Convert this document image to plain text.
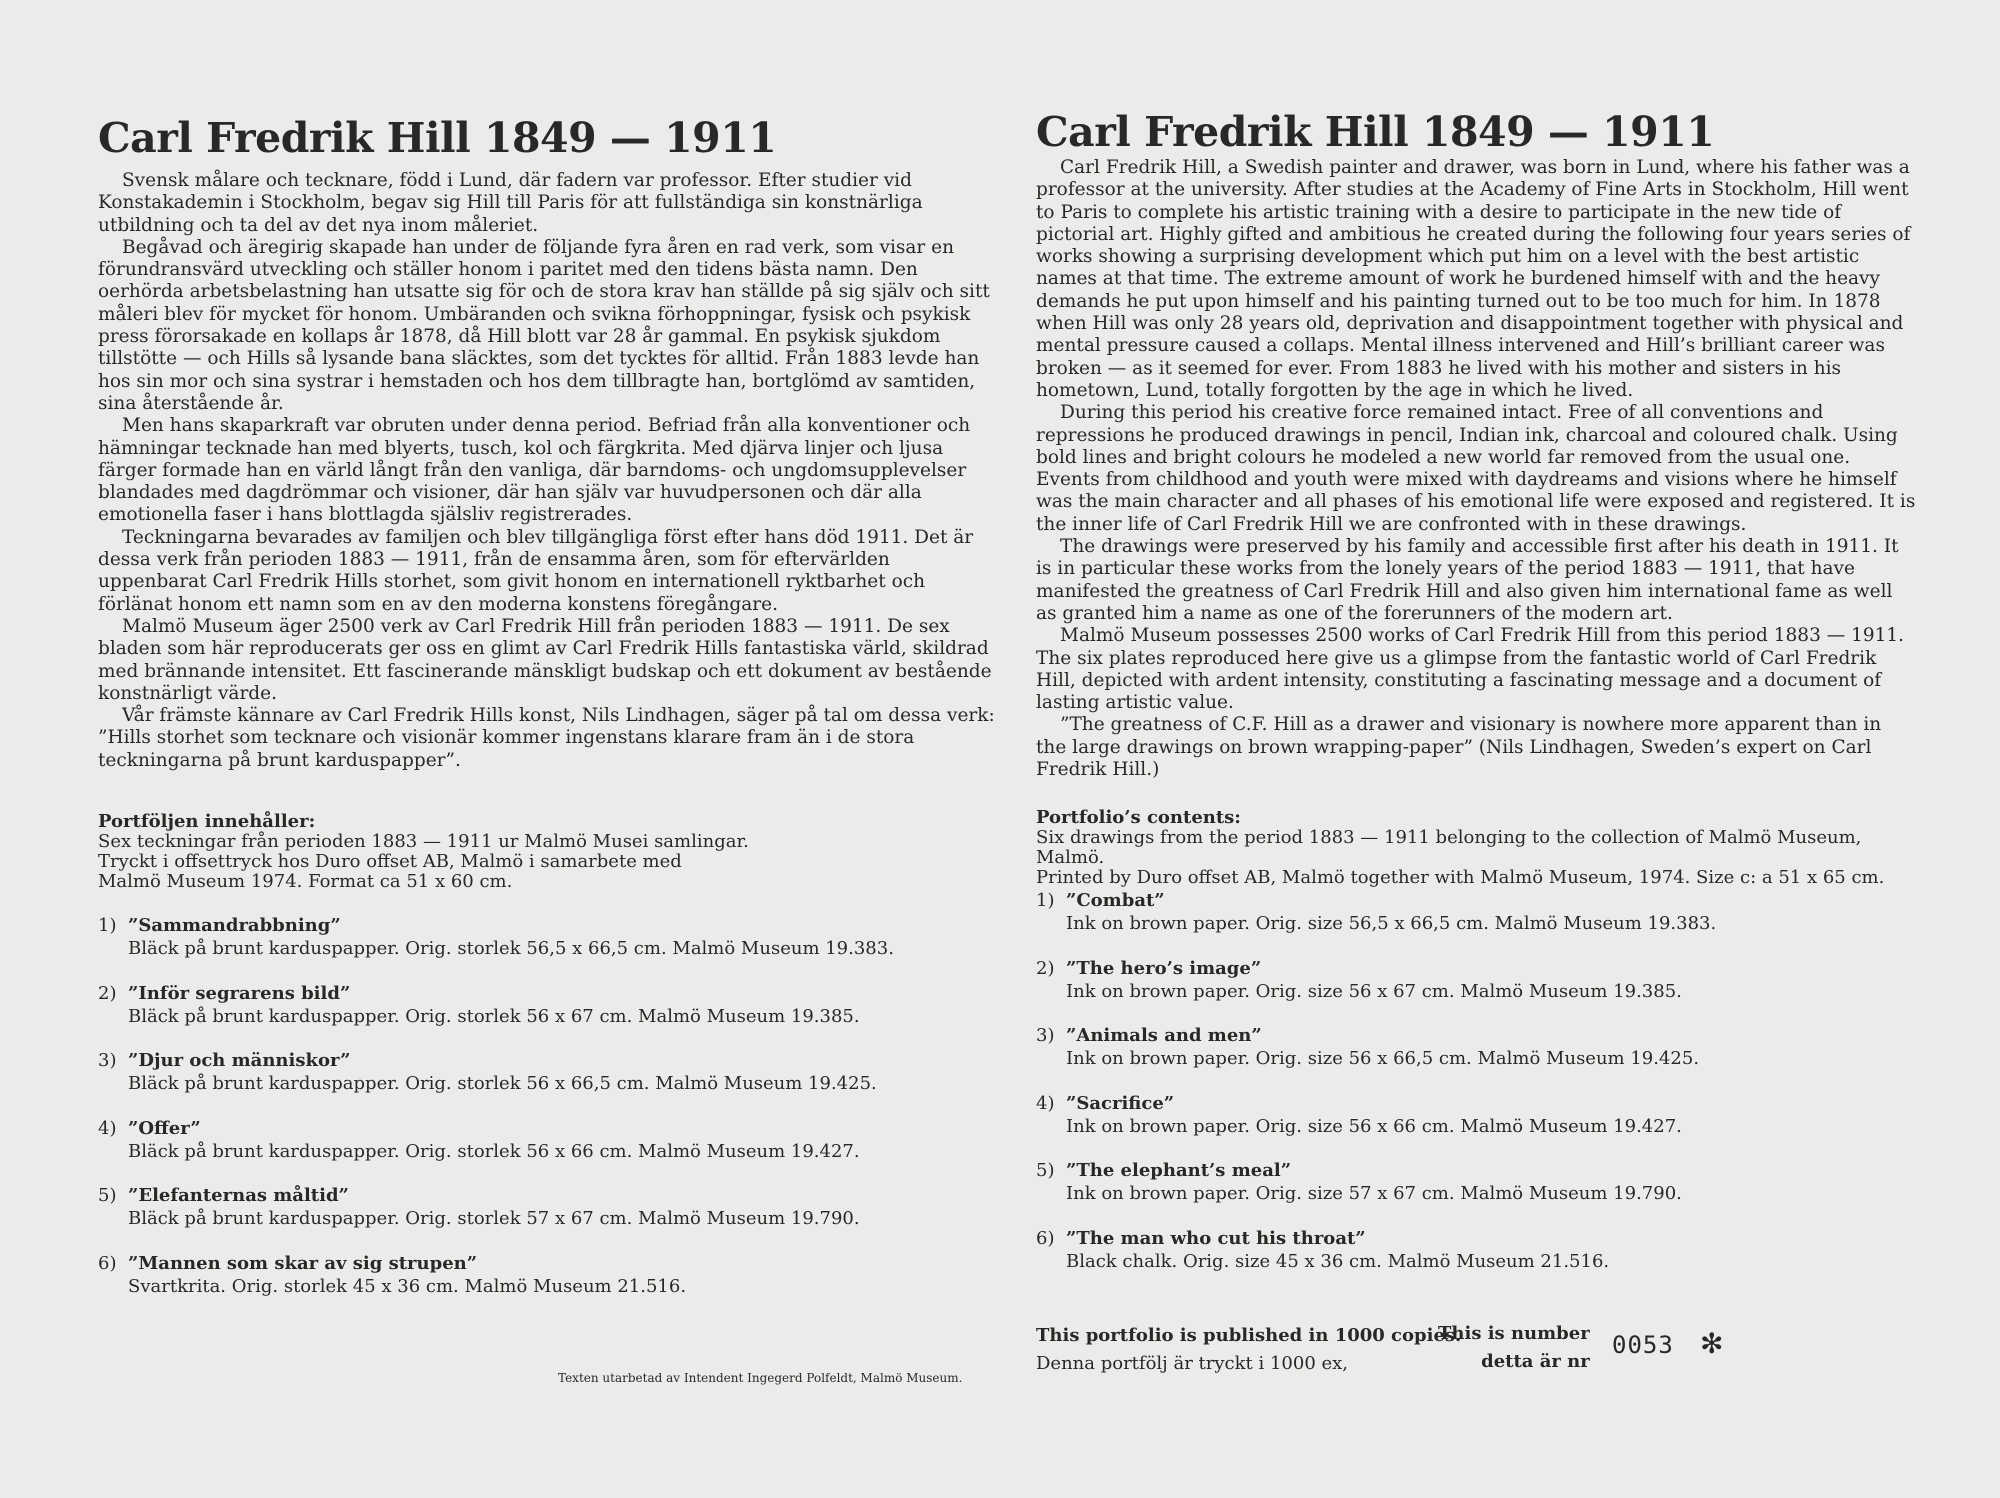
Carl Fredrik Hill 1849 — 1911

Svensk målare och tecknare, född i Lund, där fadern var professor. Efter studier vid Konstakademin i Stockholm, begav sig Hill till Paris för att fullständiga sin konstnärliga utbildning och ta del av det nya inom måleriet.

Begåvad och äregirig skapade han under de följande fyra åren en rad verk, som visar en förundransvärd utveckling och ställer honom i paritet med den tidens bästa namn. Den oerhörda arbetsbelastning han utsatte sig för och de stora krav han ställde på sig själv och sitt måleri blev för mycket för honom. Umbäranden och svikna förhoppningar, fysisk och psykisk press förorsakade en kollaps år 1878, då Hill blott var 28 år gammal. En psykisk sjukdom tillstötte — och Hills så lysande bana släcktes, som det tycktes för alltid. Från 1883 levde han hos sin mor och sina systrar i hemstaden och hos dem tillbragte han, bortglömd av samtiden, sina återstående år.

Men hans skaparkraft var obruten under denna period. Befriad från alla konventioner och hämningar tecknade han med blyerts, tusch, kol och färgkrita. Med djärva linjer och ljusa färger formade han en värld långt från den vanliga, där barndoms- och ungdomsupplevelser blandades med dagdrömmar och visioner, där han själv var huvudpersonen och där alla emotionella faser i hans blottlagda själsliv registrerades.

Teckningarna bevarades av familjen och blev tillgängliga först efter hans död 1911. Det är dessa verk från perioden 1883 — 1911, från de ensamma åren, som för eftervärlden uppenbarat Carl Fredrik Hills storhet, som givit honom en internationell ryktbarhet och förlänat honom ett namn som en av den moderna konstens föregångare.

Malmö Museum äger 2500 verk av Carl Fredrik Hill från perioden 1883 — 1911. De sex bladen som här reproducerats ger oss en glimt av Carl Fredrik Hills fantastiska värld, skildrad med brännande intensitet. Ett fascinerande mänskligt budskap och ett dokument av bestående konstnärligt värde.

Vår främste kännare av Carl Fredrik Hills konst, Nils Lindhagen, säger på tal om dessa verk: ”Hills storhet som tecknare och visionär kommer ingenstans klarare fram än i de stora teckningarna på brunt karduspapper”.

Portföljen innehåller:
Sex teckningar från perioden 1883 — 1911 ur Malmö Musei samlingar.
Tryckt i offsettryck hos Duro offset AB, Malmö i samarbete med
Malmö Museum 1974. Format ca 51 x 60 cm.
1) ”Sammandrabbning”
Bläck på brunt karduspapper. Orig. storlek 56,5 x 66,5 cm. Malmö Museum 19.383.
2) ”Inför segrarens bild”
Bläck på brunt karduspapper. Orig. storlek 56 x 67 cm. Malmö Museum 19.385.
3) ”Djur och människor”
Bläck på brunt karduspapper. Orig. storlek 56 x 66,5 cm. Malmö Museum 19.425.
4) ”Offer”
Bläck på brunt karduspapper. Orig. storlek 56 x 66 cm. Malmö Museum 19.427.
5) ”Elefanternas måltid”
Bläck på brunt karduspapper. Orig. storlek 57 x 67 cm. Malmö Museum 19.790.
6) ”Mannen som skar av sig strupen”
Svartkrita. Orig. storlek 45 x 36 cm. Malmö Museum 21.516.
Texten utarbetad av Intendent Ingegerd Polfeldt, Malmö Museum.
Carl Fredrik Hill 1849 — 1911

Carl Fredrik Hill, a Swedish painter and drawer, was born in Lund, where his father was a professor at the university. After studies at the Academy of Fine Arts in Stockholm, Hill went to Paris to complete his artistic training with a desire to participate in the new tide of pictorial art. Highly gifted and ambitious he created during the following four years series of works showing a surprising development which put him on a level with the best artistic names at that time. The extreme amount of work he burdened himself with and the heavy demands he put upon himself and his painting turned out to be too much for him. In 1878 when Hill was only 28 years old, deprivation and disappointment together with physical and mental pressure caused a collaps. Mental illness intervened and Hill’s brilliant career was broken — as it seemed for ever. From 1883 he lived with his mother and sisters in his hometown, Lund, totally forgotten by the age in which he lived.

During this period his creative force remained intact. Free of all conventions and repressions he produced drawings in pencil, Indian ink, charcoal and coloured chalk. Using bold lines and bright colours he modeled a new world far removed from the usual one. Events from childhood and youth were mixed with daydreams and visions where he himself was the main character and all phases of his emotional life were exposed and registered. It is the inner life of Carl Fredrik Hill we are confronted with in these drawings.

The drawings were preserved by his family and accessible first after his death in 1911. It is in particular these works from the lonely years of the period 1883 — 1911, that have manifested the greatness of Carl Fredrik Hill and also given him international fame as well as granted him a name as one of the forerunners of the modern art.

Malmö Museum possesses 2500 works of Carl Fredrik Hill from this period 1883 — 1911. The six plates reproduced here give us a glimpse from the fantastic world of Carl Fredrik Hill, depicted with ardent intensity, constituting a fascinating message and a document of lasting artistic value.

”The greatness of C.F. Hill as a drawer and visionary is nowhere more apparent than in the large drawings on brown wrapping-paper” (Nils Lindhagen, Sweden’s expert on Carl Fredrik Hill.)

Portfolio’s contents:
Six drawings from the period 1883 — 1911 belonging to the collection of Malmö Museum, Malmö.
Printed by Duro offset AB, Malmö together with Malmö Museum, 1974. Size c: a 51 x 65 cm.
1) ”Combat”
Ink on brown paper. Orig. size 56,5 x 66,5 cm. Malmö Museum 19.383.
2) ”The hero’s image”
Ink on brown paper. Orig. size 56 x 67 cm. Malmö Museum 19.385.
3) ”Animals and men”
Ink on brown paper. Orig. size 56 x 66,5 cm. Malmö Museum 19.425.
4) ”Sacrifice”
Ink on brown paper. Orig. size 56 x 66 cm. Malmö Museum 19.427.
5) ”The elephant’s meal”
Ink on brown paper. Orig. size 57 x 67 cm. Malmö Museum 19.790.
6) ”The man who cut his throat”
Black chalk. Orig. size 45 x 36 cm. Malmö Museum 21.516.
This portfolio is published in 1000 copies.
Denna portfölj är tryckt i 1000 ex,
This is number
detta är nr
0053 ✻
